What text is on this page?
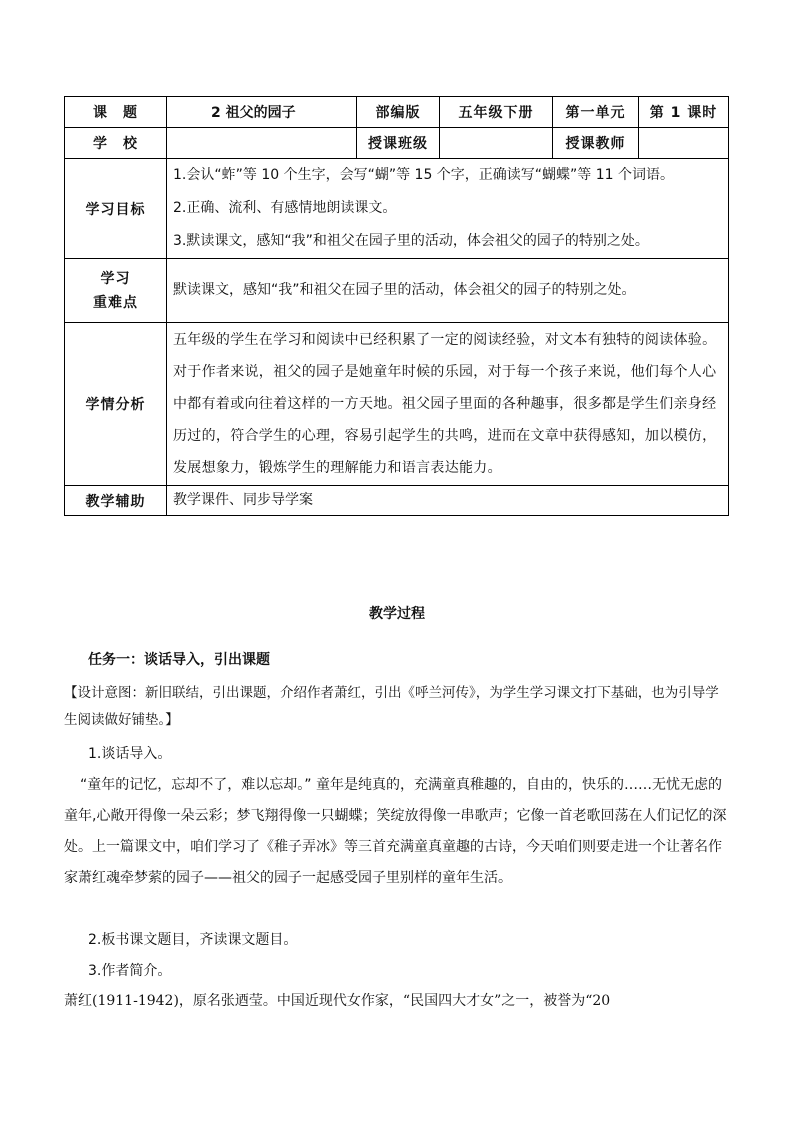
课　题	2 祖父的园子	部编版	五年级下册	第一单元	第 1 课时
学　校		授课班级		授课教师	
学习目标	1.会认“蚱”等 10 个生字，会写“蝴”等 15 个字，正确读写“蝴蝶”等 11 个词语。
2.正确、流利、有感情地朗读课文。
3.默读课文，感知“我”和祖父在园子里的活动，体会祖父的园子的特别之处。				

学习
重难点	默读课文，感知“我”和祖父在园子里的活动，体会祖父的园子的特别之处。				
学情分析	五年级的学生在学习和阅读中已经积累了一定的阅读经验，对文本有独特的阅读体验。对于作者来说，祖父的园子是她童年时候的乐园，对于每一个孩子来说，他们每个人心中都有着或向往着这样的一方天地。祖父园子里面的各种趣事，很多都是学生们亲身经历过的，符合学生的心理，容易引起学生的共鸣，进而在文章中获得感知，加以模仿，发展想象力，锻炼学生的理解能力和语言表达能力。				
教学辅助	教学课件、同步导学案				
教学过程
任务一：谈话导入，引出课题
【设计意图：新旧联结，引出课题，介绍作者萧红，引出《呼兰河传》，为学生学习课文打下基础，也为引导学生阅读做好铺垫。】
1.谈话导入。
“童年的记忆，忘却不了，难以忘却。” 童年是纯真的，充满童真稚趣的，自由的，快乐的……无忧无虑的童年,心敞开得像一朵云彩；梦飞翔得像一只蝴蝶；笑绽放得像一串歌声；它像一首老歌回荡在人们记忆的深处。上一篇课文中，咱们学习了《稚子弄冰》等三首充满童真童趣的古诗，今天咱们则要走进一个让著名作家萧红魂牵梦萦的园子——祖父的园子一起感受园子里别样的童年生活。
2.板书课文题目，齐读课文题目。
3.作者简介。
萧红(1911-1942)，原名张迺莹。中国近现代女作家，“民国四大才女”之一，被誉为“20
